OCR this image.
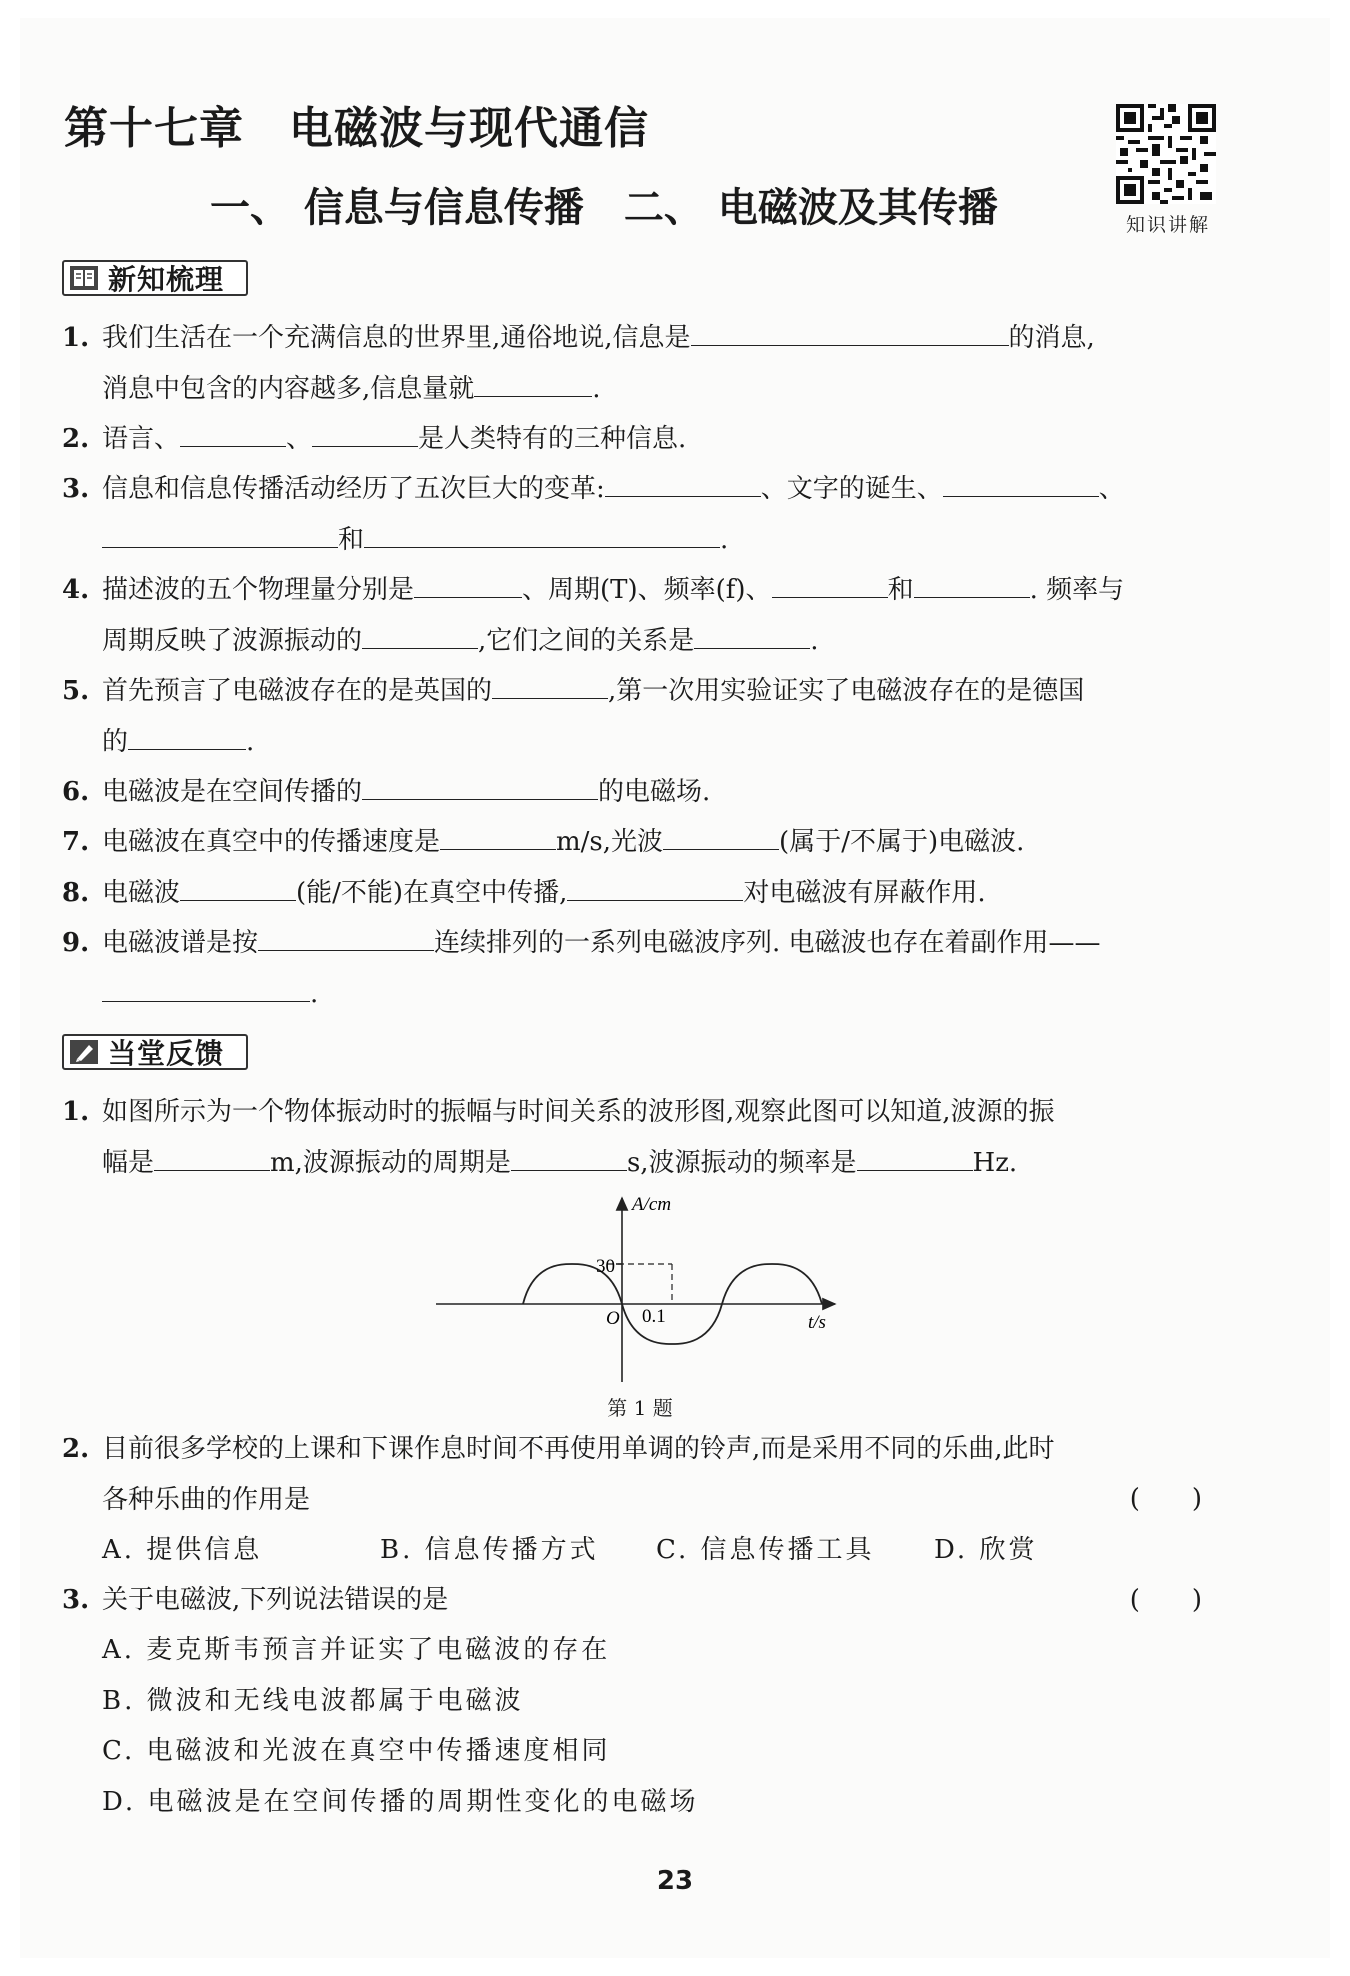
第十七章　电磁波与现代通信
一、 信息与信息传播　二、 电磁波及其传播	知识讲解
新知梳理
1. 我们生活在一个充满信息的世界里,通俗地说,信息是	的消息,
消息中包含的内容越多,信息量就	.
2. 语言、	、	是人类特有的三种信息.
3. 信息和信息传播活动经历了五次巨大的变革:	、文字的诞生、	、
和	.
4. 描述波的五个物理量分别是	、周期(T)、频率(f)、	和	. 频率与
周期反映了波源振动的	,它们之间的关系是	.
5. 首先预言了电磁波存在的是英国的	,第一次用实验证实了电磁波存在的是德国
的	.
6. 电磁波是在空间传播的	的电磁场.
7. 电磁波在真空中的传播速度是	m/s,光波	(属于/不属于)电磁波.
8. 电磁波	(能/不能)在真空中传播,	对电磁波有屏蔽作用.
9. 电磁波谱是按	连续排列的一系列电磁波序列. 电磁波也存在着副作用——
.
当堂反馈
1. 如图所示为一个物体振动时的振幅与时间关系的波形图,观察此图可以知道,波源的振
幅是	m,波源振动的周期是	s,波源振动的频率是	Hz.
A/cm
30
O 0.1	t/s
第 1 题
2. 目前很多学校的上课和下课作息时间不再使用单调的铃声,而是采用不同的乐曲,此时
各种乐曲的作用是	(　　)
A. 提供信息	B. 信息传播方式 C. 信息传播工具 D. 欣赏
3. 关于电磁波,下列说法错误的是	(　　)
A. 麦克斯韦预言并证实了电磁波的存在
B. 微波和无线电波都属于电磁波
C. 电磁波和光波在真空中传播速度相同
D. 电磁波是在空间传播的周期性变化的电磁场
23
